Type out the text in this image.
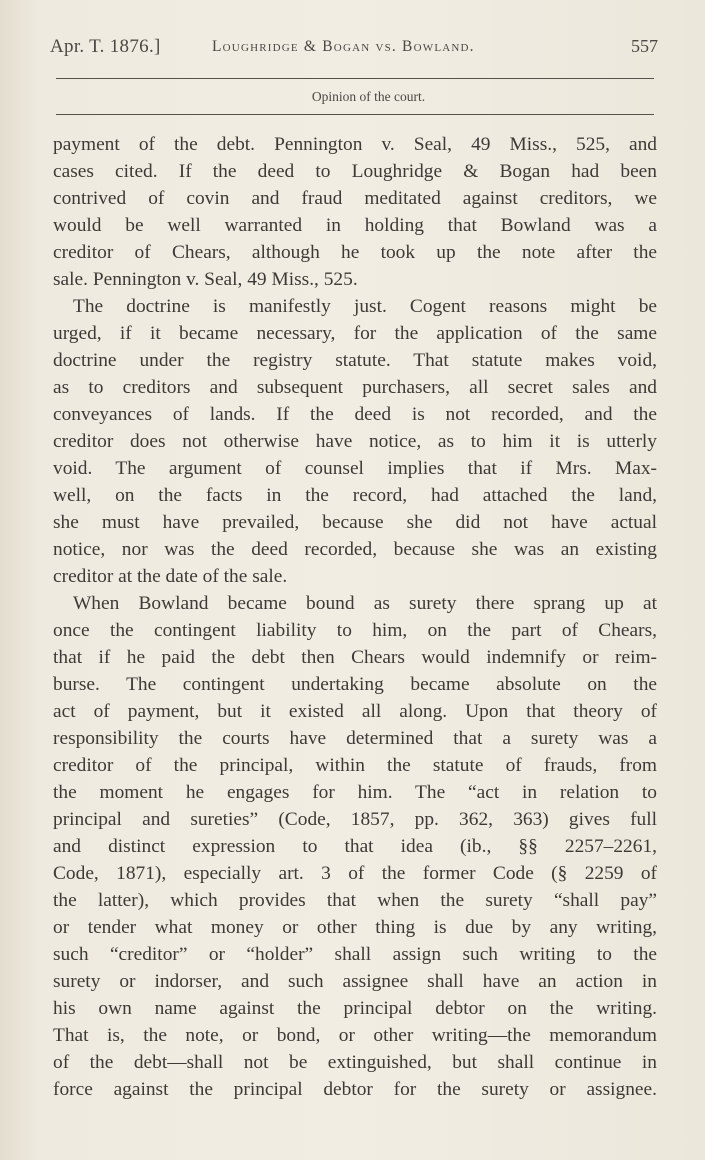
Apr. T. 1876.]	Loughridge & Bogan vs. Bowland.	557
Opinion of the court.
payment of the debt. Pennington v. Seal, 49 Miss., 525, and
cases cited. If the deed to Loughridge & Bogan had been
contrived of covin and fraud meditated against creditors, we
would be well warranted in holding that Bowland was a
creditor of Chears, although he took up the note after the
sale. Pennington v. Seal, 49 Miss., 525.
The doctrine is manifestly just. Cogent reasons might be
urged, if it became necessary, for the application of the same
doctrine under the registry statute. That statute makes void,
as to creditors and subsequent purchasers, all secret sales and
conveyances of lands. If the deed is not recorded, and the
creditor does not otherwise have notice, as to him it is utterly
void. The argument of counsel implies that if Mrs. Max-
well, on the facts in the record, had attached the land,
she must have prevailed, because she did not have actual
notice, nor was the deed recorded, because she was an existing
creditor at the date of the sale.
When Bowland became bound as surety there sprang up at
once the contingent liability to him, on the part of Chears,
that if he paid the debt then Chears would indemnify or reim-
burse. The contingent undertaking became absolute on the
act of payment, but it existed all along. Upon that theory of
responsibility the courts have determined that a surety was a
creditor of the principal, within the statute of frauds, from
the moment he engages for him. The “act in relation to
principal and sureties” (Code, 1857, pp. 362, 363) gives full
and distinct expression to that idea (ib., §§ 2257–2261,
Code, 1871), especially art. 3 of the former Code (§ 2259 of
the latter), which provides that when the surety “shall pay”
or tender what money or other thing is due by any writing,
such “creditor” or “holder” shall assign such writing to the
surety or indorser, and such assignee shall have an action in
his own name against the principal debtor on the writing.
That is, the note, or bond, or other writing—the memorandum
of the debt—shall not be extinguished, but shall continue in
force against the principal debtor for the surety or assignee.
